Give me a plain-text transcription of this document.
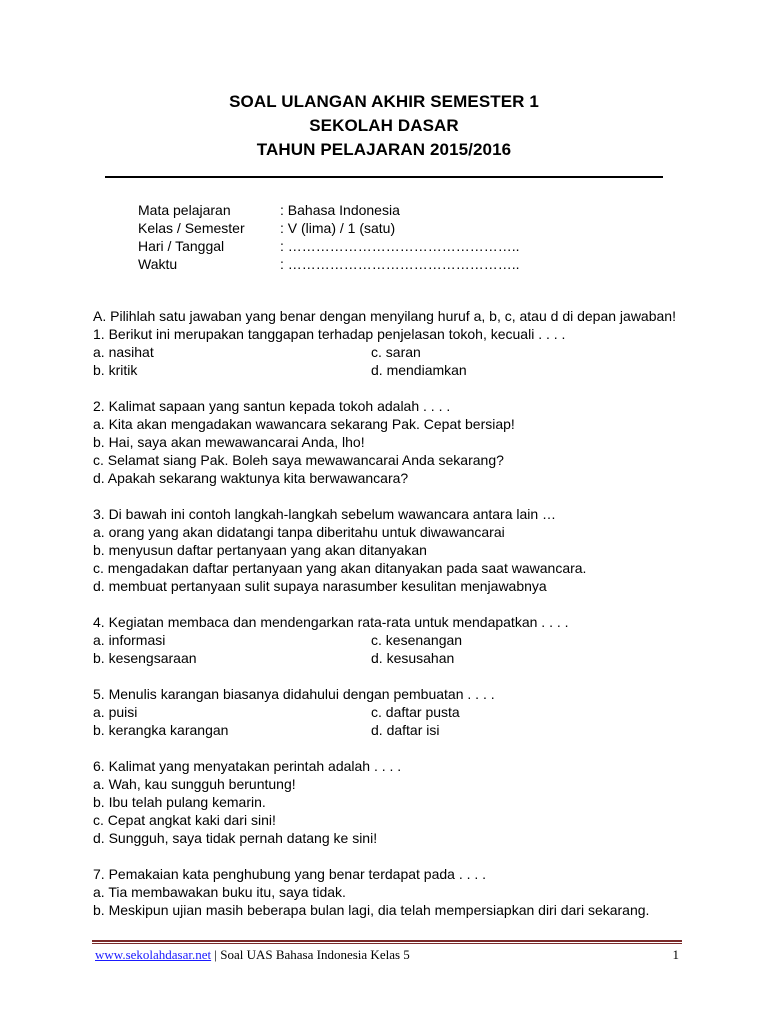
SOAL ULANGAN AKHIR SEMESTER 1
SEKOLAH DASAR
TAHUN PELAJARAN 2015/2016
Mata pelajaran	: Bahasa Indonesia
Kelas / Semester	: V (lima) / 1 (satu)
Hari / Tanggal	: …………………………………………..
Waktu	: …………………………………………..
A. Pilihlah satu jawaban yang benar dengan menyilang huruf a, b, c, atau d di depan jawaban!
1. Berikut ini merupakan tanggapan terhadap penjelasan tokoh, kecuali . . . .
a. nasihat	c. saran
b. kritik	d. mendiamkan
2. Kalimat sapaan yang santun kepada tokoh adalah . . . .
a. Kita akan mengadakan wawancara sekarang Pak. Cepat bersiap!
b. Hai, saya akan mewawancarai Anda, lho!
c. Selamat siang Pak. Boleh saya mewawancarai Anda sekarang?
d. Apakah sekarang waktunya kita berwawancara?
3. Di bawah ini contoh langkah-langkah sebelum wawancara antara lain …
a. orang yang akan didatangi tanpa diberitahu untuk diwawancarai
b. menyusun daftar pertanyaan yang akan ditanyakan
c. mengadakan daftar pertanyaan yang akan ditanyakan pada saat wawancara.
d. membuat pertanyaan sulit supaya narasumber kesulitan menjawabnya
4. Kegiatan membaca dan mendengarkan rata-rata untuk mendapatkan . . . .
a. informasi	c. kesenangan
b. kesengsaraan	d. kesusahan
5. Menulis karangan biasanya didahului dengan pembuatan . . . .
a. puisi	c. daftar pusta
b. kerangka karangan	d. daftar isi
6. Kalimat yang menyatakan perintah adalah . . . .
a. Wah, kau sungguh beruntung!
b. Ibu telah pulang kemarin.
c. Cepat angkat kaki dari sini!
d. Sungguh, saya tidak pernah datang ke sini!
7. Pemakaian kata penghubung yang benar terdapat pada . . . .
a. Tia membawakan buku itu, saya tidak.
b. Meskipun ujian masih beberapa bulan lagi, dia telah mempersiapkan diri dari sekarang.
www.sekolahdasar.net | Soal UAS Bahasa Indonesia Kelas 5	1
